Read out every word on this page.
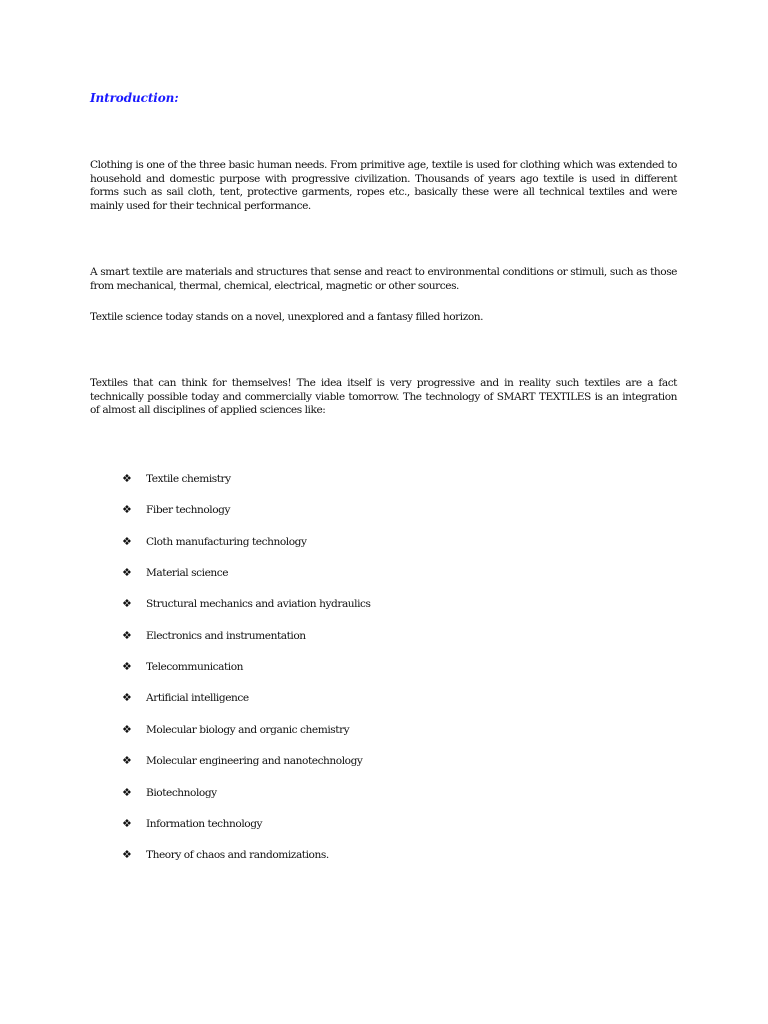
Introduction:
Clothing is one of the three basic human needs. From primitive age, textile is used for clothing which was extended to household and domestic purpose with progressive civilization. Thousands of years ago textile is used in different forms such as sail cloth, tent, protective garments, ropes etc., basically these were all technical textiles and were mainly used for their technical performance.
A smart textile are materials and structures that sense and react to environmental conditions or stimuli, such as those from mechanical, thermal, chemical, electrical, magnetic or other sources.
Textile science today stands on a novel, unexplored and a fantasy filled horizon.
Textiles that can think for themselves! The idea itself is very progressive and in reality such textiles are a fact technically possible today and commercially viable tomorrow. The technology of SMART TEXTILES is an integration of almost all disciplines of applied sciences like:
❖ Textile chemistry
❖ Fiber technology
❖ Cloth manufacturing technology
❖ Material science
❖ Structural mechanics and aviation hydraulics
❖ Electronics and instrumentation
❖ Telecommunication
❖ Artificial intelligence
❖ Molecular biology and organic chemistry
❖ Molecular engineering and nanotechnology
❖ Biotechnology
❖ Information technology
❖ Theory of chaos and randomizations.
